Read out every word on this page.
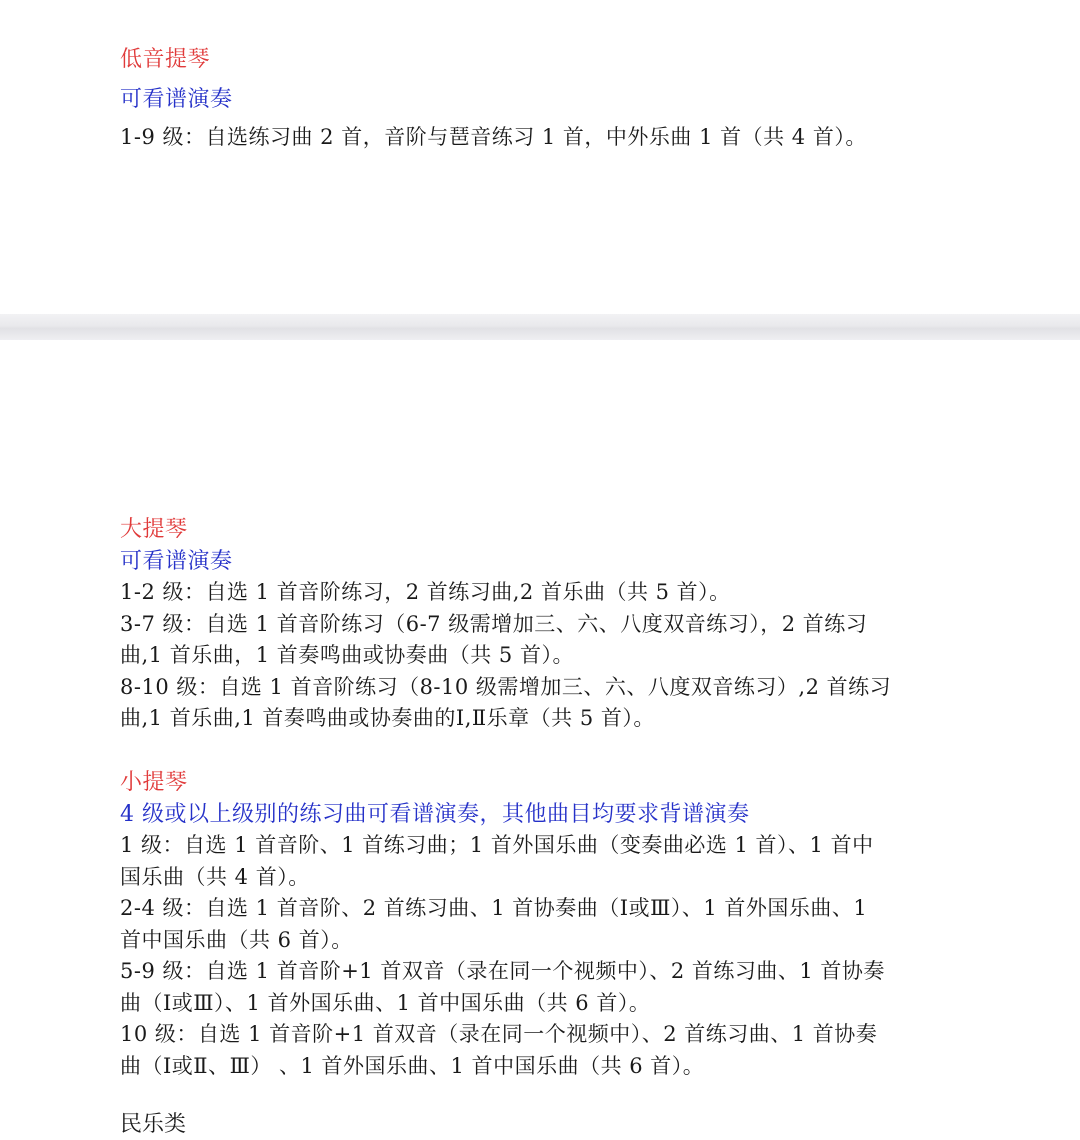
低音提琴
可看谱演奏
1-9 级：自选练习曲 2 首，音阶与琶音练习 1 首，中外乐曲 1 首（共 4 首）。
大提琴
可看谱演奏
1-2 级：自选 1 首音阶练习，2 首练习曲,2 首乐曲（共 5 首）。
3-7 级：自选 1 首音阶练习（6-7 级需增加三、六、八度双音练习），2 首练习
曲,1 首乐曲，1 首奏鸣曲或协奏曲（共 5 首）。
8-10 级：自选 1 首音阶练习（8-10 级需增加三、六、八度双音练习）,2 首练习
曲,1 首乐曲,1 首奏鸣曲或协奏曲的Ⅰ,Ⅱ乐章（共 5 首）。
小提琴
4 级或以上级别的练习曲可看谱演奏，其他曲目均要求背谱演奏
1 级：自选 1 首音阶、1 首练习曲；1 首外国乐曲（变奏曲必选 1 首）、1 首中
国乐曲（共 4 首）。
2-4 级：自选 1 首音阶、2 首练习曲、1 首协奏曲（Ⅰ或Ⅲ）、1 首外国乐曲、1
首中国乐曲（共 6 首）。
5-9 级：自选 1 首音阶+1 首双音（录在同一个视频中）、2 首练习曲、1 首协奏
曲（Ⅰ或Ⅲ）、1 首外国乐曲、1 首中国乐曲（共 6 首）。
10 级：自选 1 首音阶+1 首双音（录在同一个视频中）、2 首练习曲、1 首协奏
曲（Ⅰ或Ⅱ、Ⅲ） 、1 首外国乐曲、1 首中国乐曲（共 6 首）。
民乐类
